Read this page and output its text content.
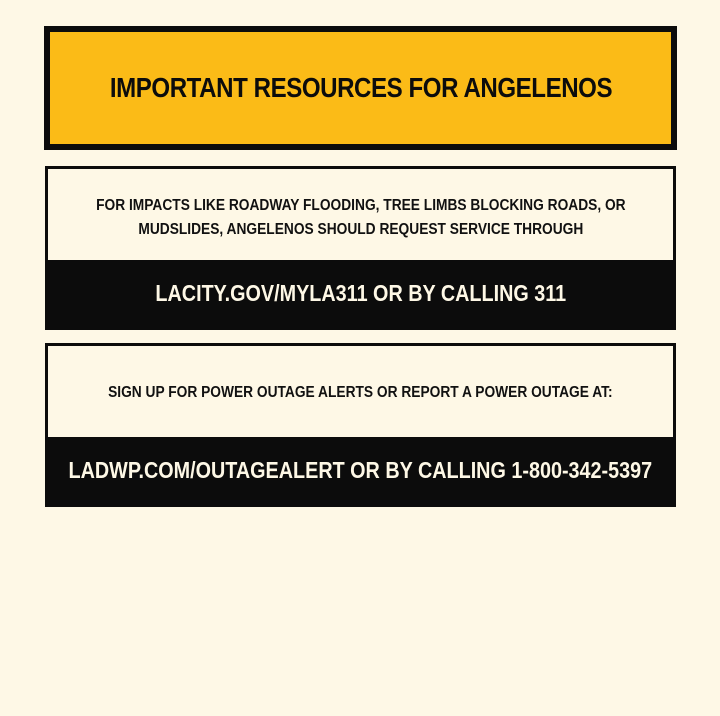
IMPORTANT RESOURCES FOR ANGELENOS
FOR IMPACTS LIKE ROADWAY FLOODING, TREE LIMBS BLOCKING ROADS, OR
MUDSLIDES, ANGELENOS SHOULD REQUEST SERVICE THROUGH
LACITY.GOV/MYLA311 OR BY CALLING 311
SIGN UP FOR POWER OUTAGE ALERTS OR REPORT A POWER OUTAGE AT:
LADWP.COM/OUTAGEALERT OR BY CALLING 1-800-342-5397
